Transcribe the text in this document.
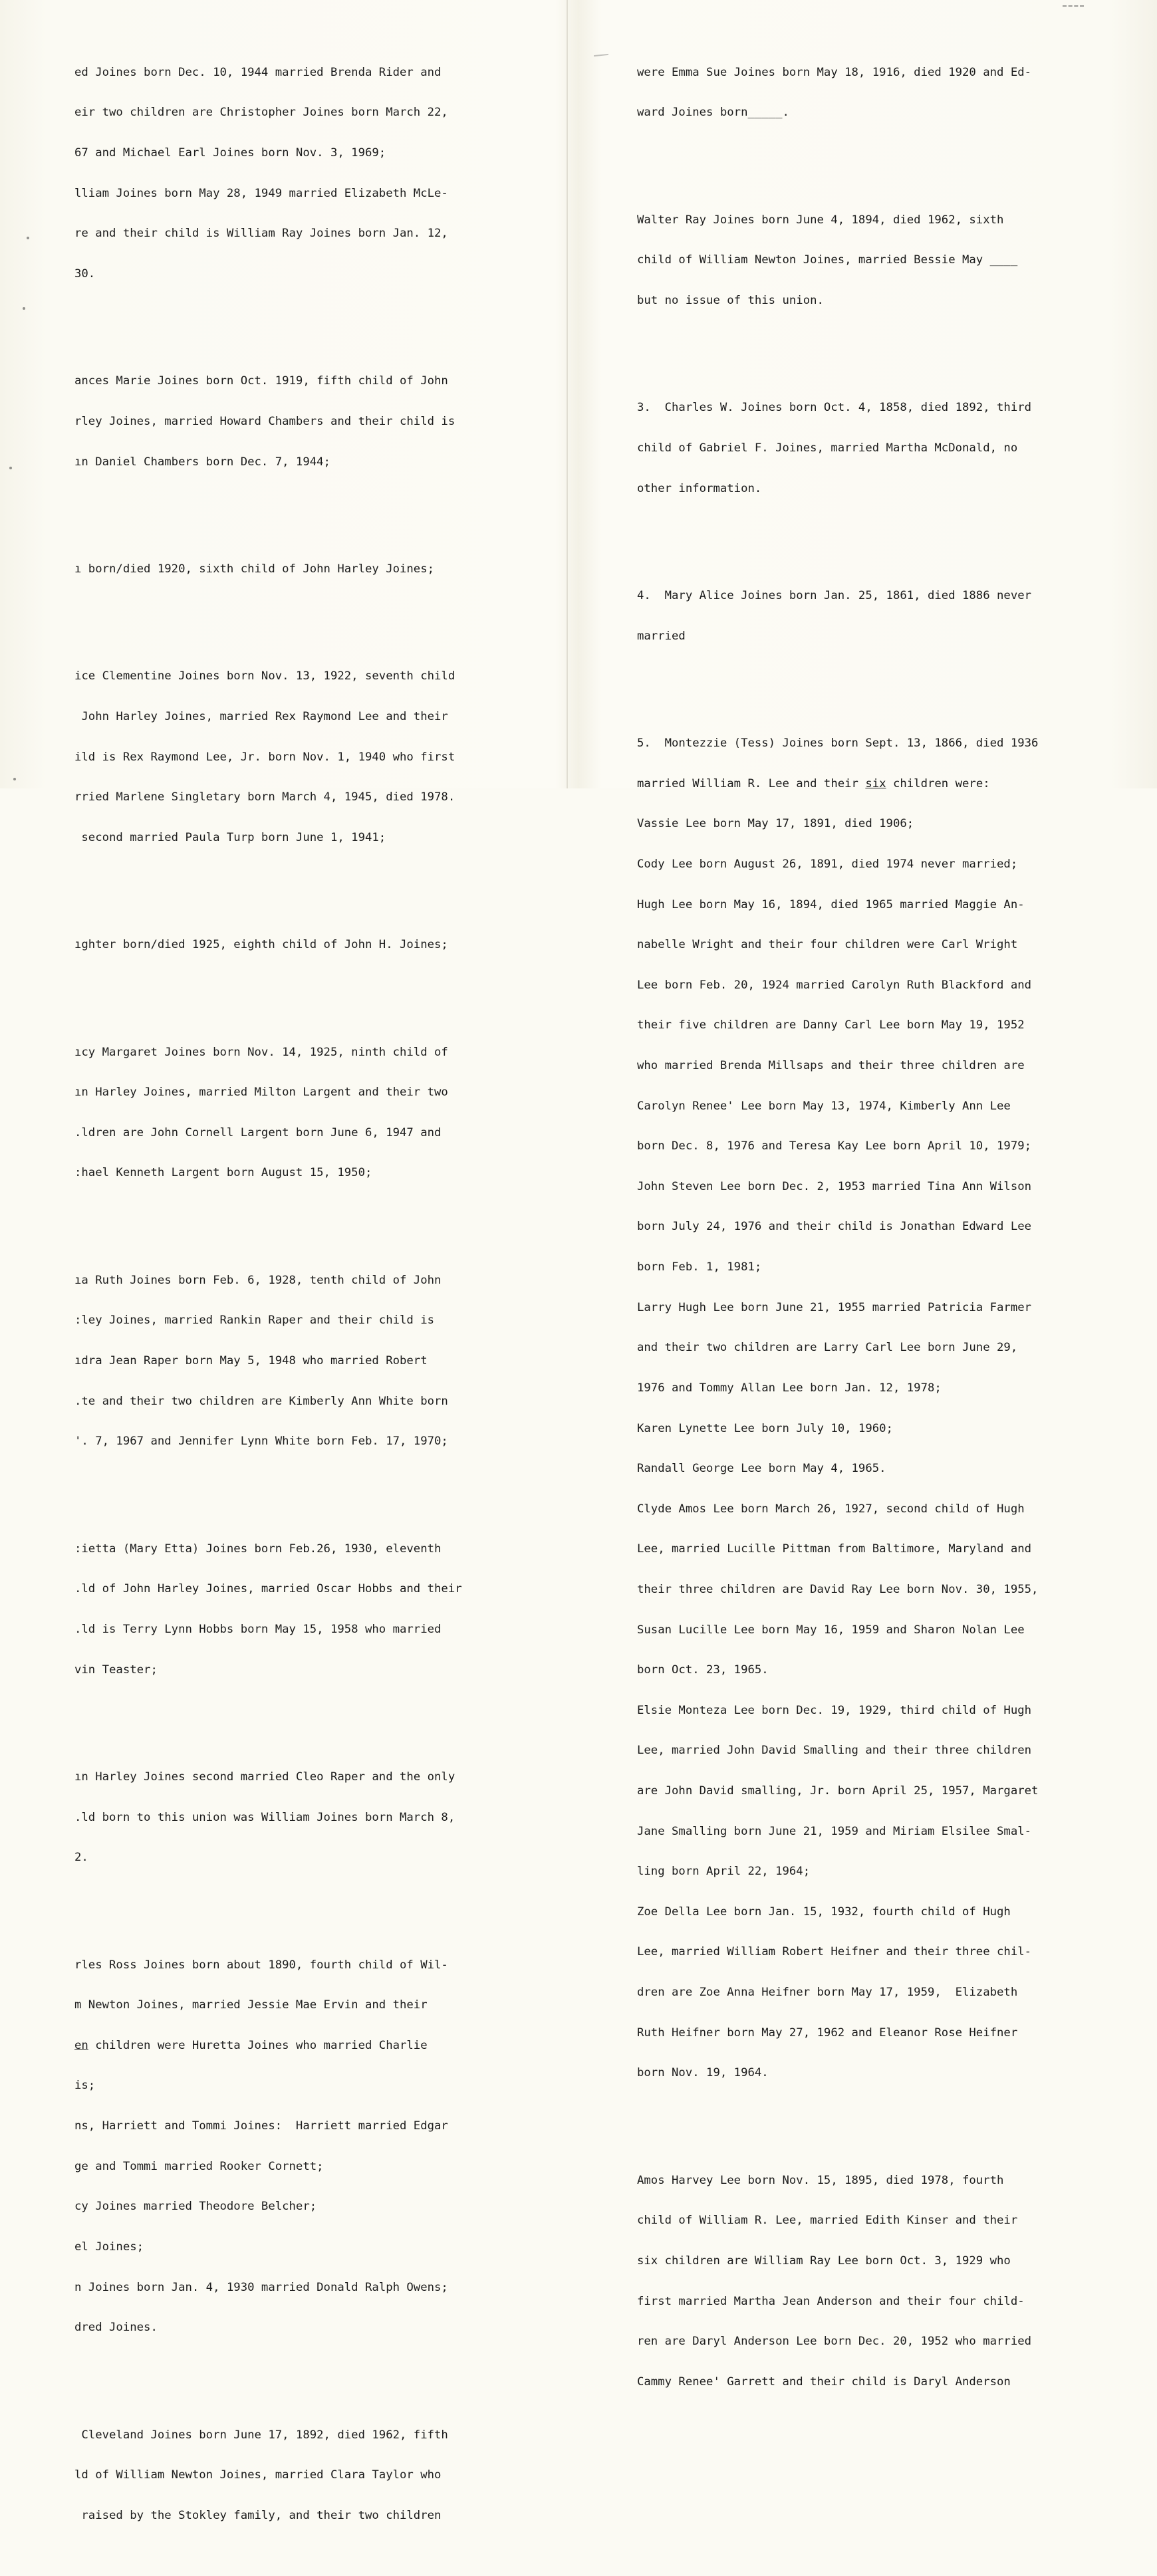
ed Joines born Dec. 10, 1944 married Brenda Rider and

eir two children are Christopher Joines born March 22,

67 and Michael Earl Joines born Nov. 3, 1969;

lliam Joines born May 28, 1949 married Elizabeth McLe-

re and their child is William Ray Joines born Jan. 12,

30.

ances Marie Joines born Oct. 1919, fifth child of John

rley Joines, married Howard Chambers and their child is

ın Daniel Chambers born Dec. 7, 1944;

ı born/died 1920, sixth child of John Harley Joines;

ice Clementine Joines born Nov. 13, 1922, seventh child

John Harley Joines, married Rex Raymond Lee and their

ild is Rex Raymond Lee, Jr. born Nov. 1, 1940 who first

rried Marlene Singletary born March 4, 1945, died 1978.

second married Paula Turp born June 1, 1941;

ıghter born/died 1925, eighth child of John H. Joines;

ıcy Margaret Joines born Nov. 14, 1925, ninth child of

ın Harley Joines, married Milton Largent and their two

.ldren are John Cornell Largent born June 6, 1947 and

:hael Kenneth Largent born August 15, 1950;

ıa Ruth Joines born Feb. 6, 1928, tenth child of John

:ley Joines, married Rankin Raper and their child is

ıdra Jean Raper born May 5, 1948 who married Robert

.te and their two children are Kimberly Ann White born

'. 7, 1967 and Jennifer Lynn White born Feb. 17, 1970;

:ietta (Mary Etta) Joines born Feb.26, 1930, eleventh

.ld of John Harley Joines, married Oscar Hobbs and their

.ld is Terry Lynn Hobbs born May 15, 1958 who married

vin Teaster;

ın Harley Joines second married Cleo Raper and the only

.ld born to this union was William Joines born March 8,

2.

rles Ross Joines born about 1890, fourth child of Wil-

m Newton Joines, married Jessie Mae Ervin and their

en children were Huretta Joines who married Charlie

is;

ns, Harriett and Tommi Joines:  Harriett married Edgar

ge and Tommi married Rooker Cornett;

cy Joines married Theodore Belcher;

el Joines;

n Joines born Jan. 4, 1930 married Donald Ralph Owens;

dred Joines.

Cleveland Joines born June 17, 1892, died 1962, fifth

ld of William Newton Joines, married Clara Taylor who

raised by the Stokley family, and their two children

were Emma Sue Joines born May 18, 1916, died 1920 and Ed-

ward Joines born_____.

Walter Ray Joines born June 4, 1894, died 1962, sixth

child of William Newton Joines, married Bessie May ____

but no issue of this union.

3.  Charles W. Joines born Oct. 4, 1858, died 1892, third

child of Gabriel F. Joines, married Martha McDonald, no

other information.

4.  Mary Alice Joines born Jan. 25, 1861, died 1886 never

married

5.  Montezzie (Tess) Joines born Sept. 13, 1866, died 1936

married William R. Lee and their six children were:

Vassie Lee born May 17, 1891, died 1906;

Cody Lee born August 26, 1891, died 1974 never married;

Hugh Lee born May 16, 1894, died 1965 married Maggie An-

nabelle Wright and their four children were Carl Wright

Lee born Feb. 20, 1924 married Carolyn Ruth Blackford and

their five children are Danny Carl Lee born May 19, 1952

who married Brenda Millsaps and their three children are

Carolyn Renee' Lee born May 13, 1974, Kimberly Ann Lee

born Dec. 8, 1976 and Teresa Kay Lee born April 10, 1979;

John Steven Lee born Dec. 2, 1953 married Tina Ann Wilson

born July 24, 1976 and their child is Jonathan Edward Lee

born Feb. 1, 1981;

Larry Hugh Lee born June 21, 1955 married Patricia Farmer

and their two children are Larry Carl Lee born June 29,

1976 and Tommy Allan Lee born Jan. 12, 1978;

Karen Lynette Lee born July 10, 1960;

Randall George Lee born May 4, 1965.

Clyde Amos Lee born March 26, 1927, second child of Hugh

Lee, married Lucille Pittman from Baltimore, Maryland and

their three children are David Ray Lee born Nov. 30, 1955,

Susan Lucille Lee born May 16, 1959 and Sharon Nolan Lee

born Oct. 23, 1965.

Elsie Monteza Lee born Dec. 19, 1929, third child of Hugh

Lee, married John David Smalling and their three children

are John David smalling, Jr. born April 25, 1957, Margaret

Jane Smalling born June 21, 1959 and Miriam Elsilee Smal-

ling born April 22, 1964;

Zoe Della Lee born Jan. 15, 1932, fourth child of Hugh

Lee, married William Robert Heifner and their three chil-

dren are Zoe Anna Heifner born May 17, 1959,  Elizabeth

Ruth Heifner born May 27, 1962 and Eleanor Rose Heifner

born Nov. 19, 1964.

Amos Harvey Lee born Nov. 15, 1895, died 1978, fourth

child of William R. Lee, married Edith Kinser and their

six children are William Ray Lee born Oct. 3, 1929 who

first married Martha Jean Anderson and their four child-

ren are Daryl Anderson Lee born Dec. 20, 1952 who married

Cammy Renee' Garrett and their child is Daryl Anderson
